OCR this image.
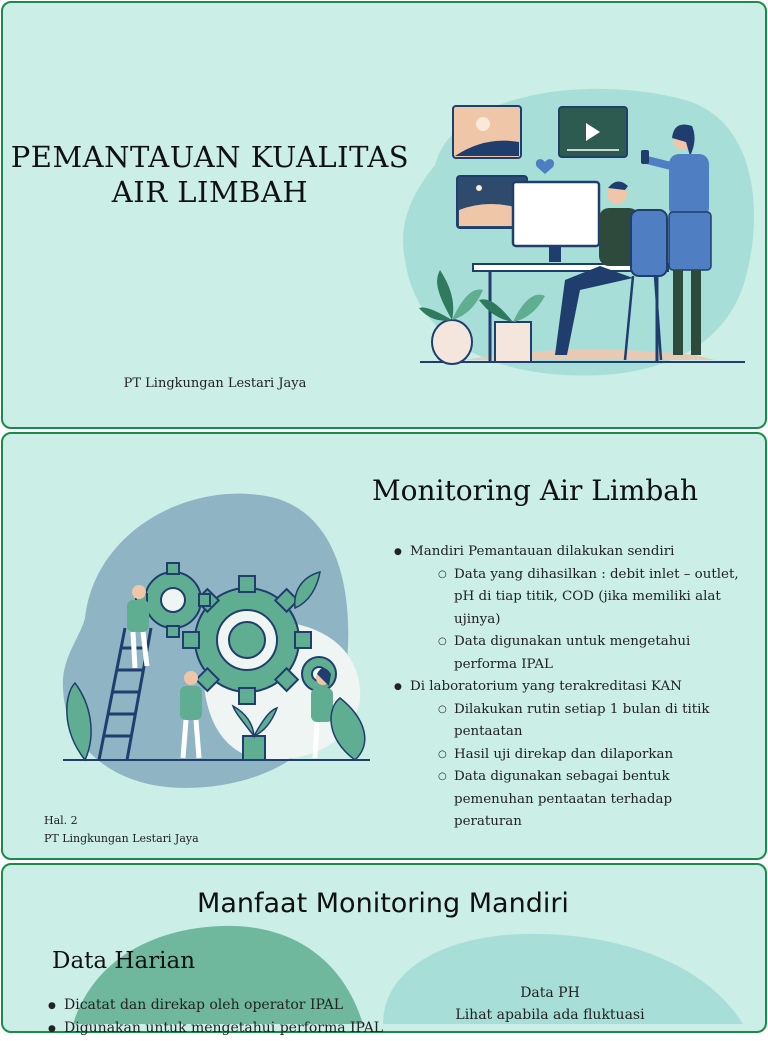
PEMANTAUAN KUALITAS
AIR LIMBAH
PT Lingkungan Lestari Jaya
Monitoring Air Limbah
● Mandiri Pemantauan dilakukan sendiri
○ Data yang dihasilkan : debit inlet – outlet, pH di tiap titik, COD (jika memiliki alat ujinya)
○ Data digunakan untuk mengetahui performa IPAL
● Di laboratorium yang terakreditasi KAN
○ Dilakukan rutin setiap 1 bulan di titik pentaatan
○ Hasil uji direkap dan dilaporkan
○ Data digunakan sebagai bentuk pemenuhan pentaatan terhadap peraturan
Hal. 2
PT Lingkungan Lestari Jaya
Manfaat Monitoring Mandiri
Data Harian
● Dicatat dan direkap oleh operator IPAL
● Digunakan untuk mengetahui performa IPAL
Data PH
Lihat apabila ada fluktuasi
